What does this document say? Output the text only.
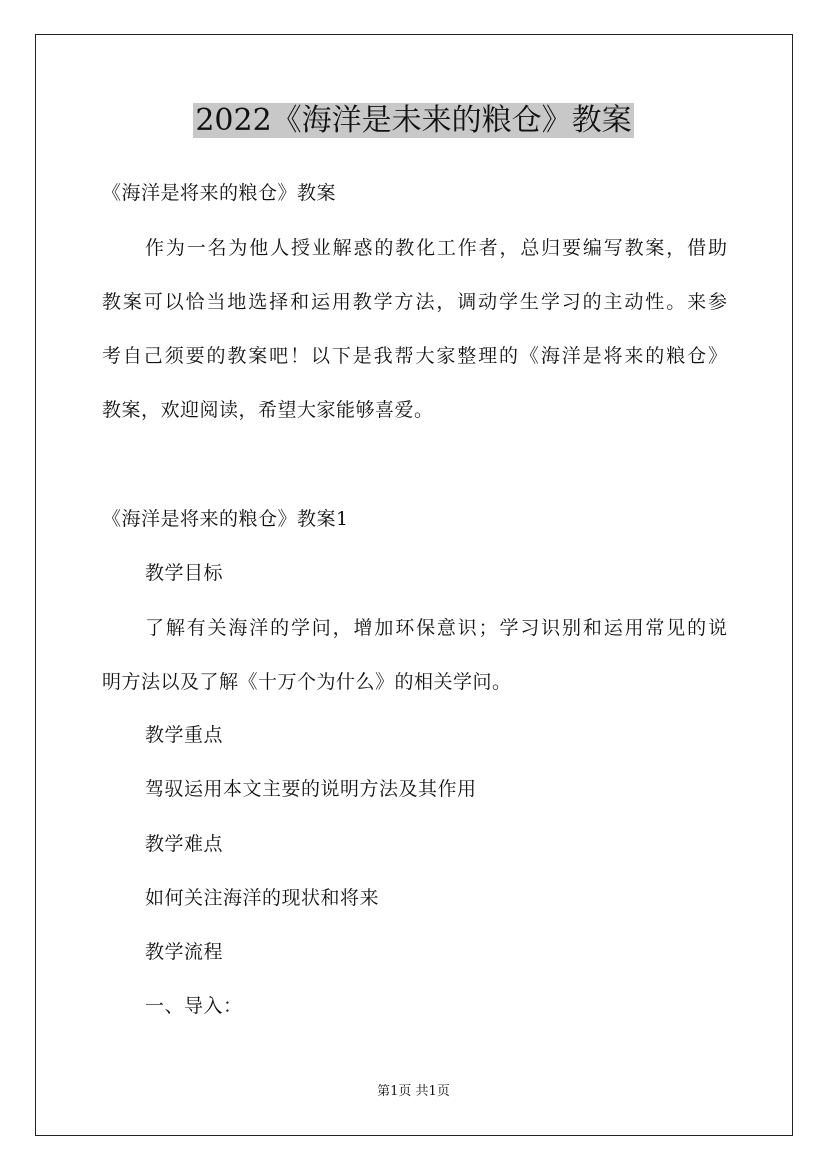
2022《海洋是未来的粮仓》教案
《海洋是将来的粮仓》教案
作为一名为他人授业解惑的教化工作者，总归要编写教案，借助
教案可以恰当地选择和运用教学方法，调动学生学习的主动性。来参
考自己须要的教案吧！以下是我帮大家整理的《海洋是将来的粮仓》
教案，欢迎阅读，希望大家能够喜爱。
《海洋是将来的粮仓》教案1
教学目标
了解有关海洋的学问，增加环保意识；学习识别和运用常见的说
明方法以及了解《十万个为什么》的相关学问。
教学重点
驾驭运用本文主要的说明方法及其作用
教学难点
如何关注海洋的现状和将来
教学流程
一、导入：
第1页 共1页
